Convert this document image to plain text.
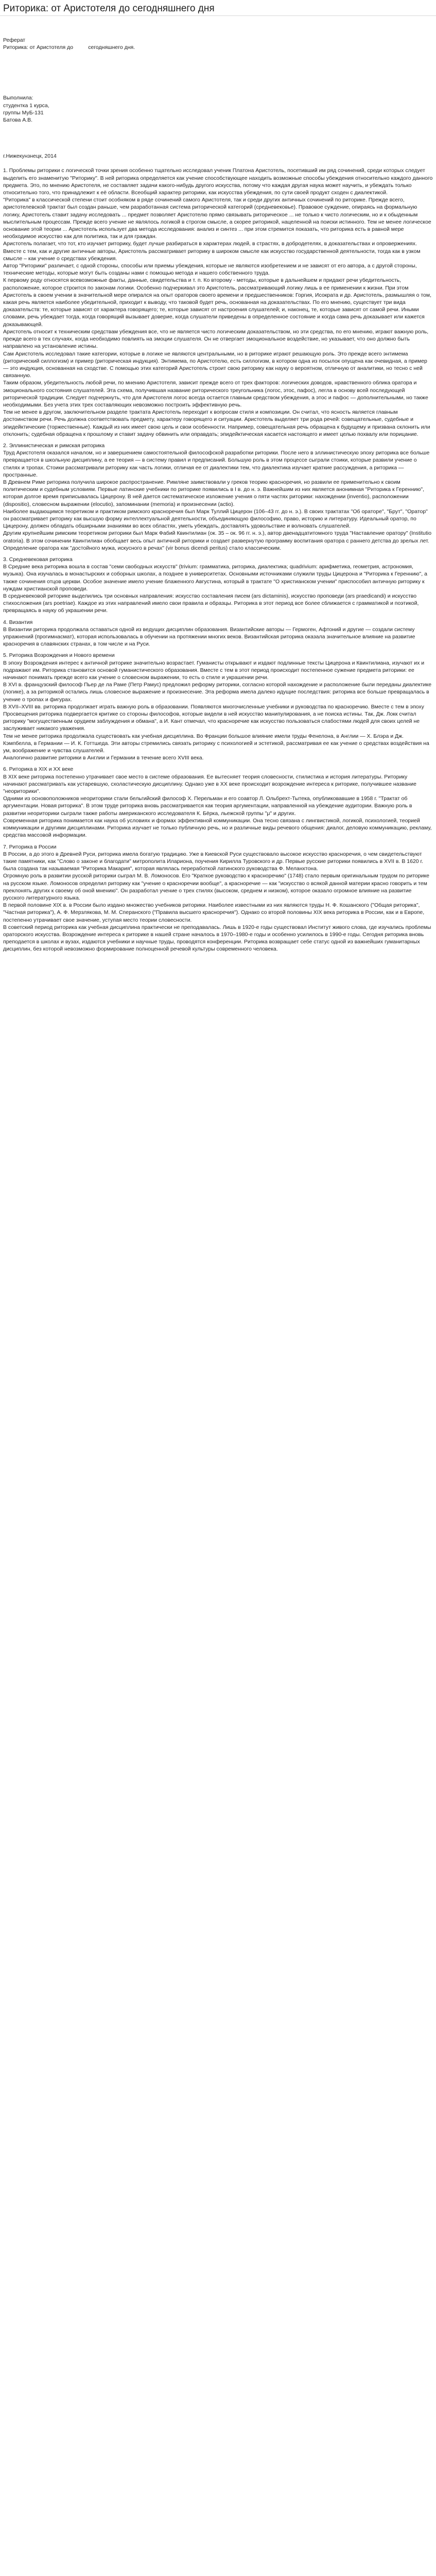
Риторика: от Аристотеля до сегодняшнего дня

Реферат

Риторика: от Аристотеля до          сегодняшнего дня.

Выполнила:

студентка 1 курса,

группы МуБ-131

Батова А.В.

г.Нижекунзнецк, 2014

1. Проблемы риторики с логической точки зрения особенно тщательно исследовал ученик Платона Аристотель, посетивший им ряд сочинений, среди которых следует выделить его знаменитую "Риторику". В ней риторика определяется как учение способствующее находить возможные способы убеждения относительно каждого данного предмета. Это, по мнению Аристотеля, не составляет задачи какого-нибудь другого искусства, потому что каждая другая наука может научить, и убеждать только относительно того, что принадлежит к её области. Всеобщий характер риторики, как искусства убеждения, по сути своей продукт сходен с диалектикой.

"Риторика" в классической степени стоит особняком в ряде сочинений самого Аристотеля, так и среди других античных сочинений по риторике. Прежде всего, аристотелевской трактат был создан раньше, чем разработанная система риторической категорий (средневековье). Правовое суждение, опираясь на формальную логику, Аристотель ставит задачу исследовать ... предмет позволяет Аристотелю прямо связывать риторическое ... не только к чисто логическим, но и к обыденным мыслительным процессам. Прежде всего учение не являлось логикой в строгом смысле, а скорее риторикой, нацеленной на поиски истинного. Тем не менее логическое основание этой теории ... Аристотель использует два метода исследования: анализ и синтез ... при этом стремится показать, что риторика есть в равной мере необходимое искусство как для политика, так и для граждан.

Аристотель полагает, что тот, кто изучает риторику, будет лучше разбираться в характерах людей, в страстях, в добродетелях, в доказательствах и опровержениях. Вместе с тем, как и другие античные авторы, Аристотель рассматривает риторику в широком смысле как искусство государственной деятельности, тогда как в узком смысле – как учение о средствах убеждения.

Автор "Риторики" различает, с одной стороны, способы или приемы убеждения, которые не являются изобретением и не зависят от его автора, а с другой стороны, технические методы, которые могут быть созданы нами с помощью метода и нашего собственного труда.

К первому роду относятся всевозможные факты, данные, свидетельства и т. п. Ко второму - методы, которые в дальнейшем и придают речи убедительность, расположение, которое строится по законам логики. Особенно подчеркивал это Аристотель, рассматривающий логику лишь в ее применении к жизни. При этом Аристотель в своем учении в значительной мере опирался на опыт ораторов своего времени и предшественников: Горгия, Исократа и др. Аристотель, размышляя о том, какая речь является наиболее убедительной, приходит к выводу, что таковой будет речь, основанная на доказательствах. По его мнению, существует три вида доказательств: те, которые зависят от характера говорящего; те, которые зависят от настроения слушателей; и, наконец, те, которые зависят от самой речи. Иными словами, речь убеждает тогда, когда говорящий вызывает доверие, когда слушатели приведены в определенное состояние и когда сама речь доказывает или кажется доказывающей.

Аристотель относит к техническим средствам убеждения все, что не является чисто логическим доказательством, но эти средства, по его мнению, играют важную роль, прежде всего в тех случаях, когда необходимо повлиять на эмоции слушателя. Он не отвергает эмоциональное воздействие, но указывает, что оно должно быть направлено на установление истины.

Сам Аристотель исследовал такие категории, которые в логике не являются центральными, но в риторике играют решающую роль. Это прежде всего энтимема (риторический силлогизм) и пример (риторическая индукция). Энтимема, по Аристотелю, есть силлогизм, в котором одна из посылок опущена как очевидная, а пример — это индукция, основанная на сходстве. С помощью этих категорий Аристотель строит свою риторику как науку о вероятном, отличную от аналитики, но тесно с ней связанную.

Таким образом, убедительность любой речи, по мнению Аристотеля, зависит прежде всего от трех факторов: логических доводов, нравственного облика оратора и эмоционального состояния слушателей. Эта схема, получившая название риторического треугольника (логос, этос, пафос), легла в основу всей последующей риторической традиции. Следует подчеркнуть, что для Аристотеля логос всегда остается главным средством убеждения, а этос и пафос — дополнительными, но также необходимыми. Без учета этих трех составляющих невозможно построить эффективную речь.

Тем не менее в другом, заключительном разделе трактата Аристотель переходит к вопросам стиля и композиции. Он считал, что ясность является главным достоинством речи. Речь должна соответствовать предмету, характеру говорящего и ситуации. Аристотель выделяет три рода речей: совещательные, судебные и эпидейктические (торжественные). Каждый из них имеет свою цель и свои особенности. Например, совещательная речь обращена к будущему и призвана склонить или отклонить; судебная обращена к прошлому и ставит задачу обвинить или оправдать; эпидейктическая касается настоящего и имеет целью похвалу или порицание.

2. Эллинистическая и римская риторика

Труд Аристотеля оказался началом, но и завершением самостоятельной философской разработки риторики. После него в эллинистическую эпоху риторика все больше превращается в школьную дисциплину, а ее теория — в систему правил и предписаний. Большую роль в этом процессе сыграли стоики, которые развили учение о стилях и тропах. Стоики рассматривали риторику как часть логики, отличая ее от диалектики тем, что диалектика изучает краткие рассуждения, а риторика — пространные.

В Древнем Риме риторика получила широкое распространение. Римляне заимствовали у греков теорию красноречия, но развили ее применительно к своим политическим и судебным условиям. Первые латинские учебники по риторике появились в I в. до н. э. Важнейшим из них является анонимная "Риторика к Гереннию", которая долгое время приписывалась Цицерону. В ней дается систематическое изложение учения о пяти частях риторики: нахождении (inventio), расположении (dispositio), словесном выражении (elocutio), запоминании (memoria) и произнесении (actio).

Наиболее выдающимся теоретиком и практиком римского красноречия был Марк Туллий Цицерон (106–43 гг. до н. э.). В своих трактатах "Об ораторе", "Брут", "Оратор" он рассматривает риторику как высшую форму интеллектуальной деятельности, объединяющую философию, право, историю и литературу. Идеальный оратор, по Цицерону, должен обладать обширными знаниями во всех областях, уметь убеждать, доставлять удовольствие и волновать слушателей.

Другим крупнейшим римским теоретиком риторики был Марк Фабий Квинтилиан (ок. 35 – ок. 96 гг. н. э.), автор двенадцатитомного труда "Наставление оратору" (Institutio oratoria). В этом сочинении Квинтилиан обобщает весь опыт античной риторики и создает развернутую программу воспитания оратора с раннего детства до зрелых лет. Определение оратора как "достойного мужа, искусного в речах" (vir bonus dicendi peritus) стало классическим.

3. Средневековая риторика

В Средние века риторика вошла в состав "семи свободных искусств" (trivium: грамматика, риторика, диалектика; quadrivium: арифметика, геометрия, астрономия, музыка). Она изучалась в монастырских и соборных школах, а позднее в университетах. Основными источниками служили труды Цицерона и "Риторика к Гереннию", а также сочинения отцов церкви. Особое значение имело учение блаженного Августина, который в трактате "О христианском учении" приспособил античную риторику к нуждам христианской проповеди.

В средневековой риторике выделились три основных направления: искусство составления писем (ars dictaminis), искусство проповеди (ars praedicandi) и искусство стихосложения (ars poetriae). Каждое из этих направлений имело свои правила и образцы. Риторика в этот период все более сближается с грамматикой и поэтикой, превращаясь в науку об украшении речи.

4. Византия

В Византии риторика продолжала оставаться одной из ведущих дисциплин образования. Византийские авторы — Гермоген, Афтоний и другие — создали систему упражнений (прогимнасмат), которая использовалась в обучении на протяжении многих веков. Византийская риторика оказала значительное влияние на развитие красноречия в славянских странах, в том числе и на Руси.

5. Риторика Возрождения и Нового времени

В эпоху Возрождения интерес к античной риторике значительно возрастает. Гуманисты открывают и издают подлинные тексты Цицерона и Квинтилиана, изучают их и подражают им. Риторика становится основой гуманистического образования. Вместе с тем в этот период происходит постепенное сужение предмета риторики: ее начинают понимать прежде всего как учение о словесном выражении, то есть о стиле и украшении речи.

В XVI в. французский философ Пьер де ла Раме (Петр Рамус) предложил реформу риторики, согласно которой нахождение и расположение были переданы диалектике (логике), а за риторикой остались лишь словесное выражение и произнесение. Эта реформа имела далеко идущие последствия: риторика все больше превращалась в учение о тропах и фигурах.

В XVII–XVIII вв. риторика продолжает играть важную роль в образовании. Появляются многочисленные учебники и руководства по красноречию. Вместе с тем в эпоху Просвещения риторика подвергается критике со стороны философов, которые видели в ней искусство манипулирования, а не поиска истины. Так, Дж. Локк считал риторику "могущественным орудием заблуждения и обмана", а И. Кант отмечал, что красноречие как искусство пользоваться слабостями людей для своих целей не заслуживает никакого уважения.

Тем не менее риторика продолжала существовать как учебная дисциплина. Во Франции большое влияние имели труды Фенелона, в Англии — Х. Блэра и Дж. Кэмпбелла, в Германии — И. К. Готтшеда. Эти авторы стремились связать риторику с психологией и эстетикой, рассматривая ее как учение о средствах воздействия на ум, воображение и чувства слушателей.

Аналогично развитие риторики в Англии и Германии в течение всего XVIII века.

6. Риторика в XIX и XX веке

В XIX веке риторика постепенно утрачивает свое место в системе образования. Ее вытесняет теория словесности, стилистика и история литературы. Риторику начинают рассматривать как устаревшую, схоластическую дисциплину. Однако уже в XX веке происходит возрождение интереса к риторике, получившее название "неориторики".

Одними из основоположников неориторики стали бельгийский философ Х. Перельман и его соавтор Л. Ольбрехт-Тытека, опубликовавшие в 1958 г. "Трактат об аргументации. Новая риторика". В этом труде риторика вновь рассматривается как теория аргументации, направленной на убеждение аудитории. Важную роль в развитии неориторики сыграли также работы американского исследователя К. Бёрка, льежской группы "μ" и других.

Современная риторика понимается как наука об условиях и формах эффективной коммуникации. Она тесно связана с лингвистикой, логикой, психологией, теорией коммуникации и другими дисциплинами. Риторика изучает не только публичную речь, но и различные виды речевого общения: диалог, деловую коммуникацию, рекламу, средства массовой информации.

7. Риторика в России

В России, а до этого в Древней Руси, риторика имела богатую традицию. Уже в Киевской Руси существовало высокое искусство красноречия, о чем свидетельствуют такие памятники, как "Слово о законе и благодати" митрополита Илариона, поучения Кирилла Туровского и др. Первые русские риторики появились в XVII в. В 1620 г. была создана так называемая "Риторика Макария", которая являлась переработкой латинского руководства Ф. Меланхтона.

Огромную роль в развитии русской риторики сыграл М. В. Ломоносов. Его "Краткое руководство к красноречию" (1748) стало первым оригинальным трудом по риторике на русском языке. Ломоносов определил риторику как "учение о красноречии вообще", а красноречие — как "искусство о всякой данной материи красно говорить и тем преклонять других к своему об оной мнению". Он разработал учение о трех стилях (высоком, среднем и низком), которое оказало огромное влияние на развитие русского литературного языка.

В первой половине XIX в. в России было издано множество учебников риторики. Наиболее известными из них являются труды Н. Ф. Кошанского ("Общая риторика", "Частная риторика"), А. Ф. Мерзлякова, М. М. Сперанского ("Правила высшего красноречия"). Однако со второй половины XIX века риторика в России, как и в Европе, постепенно утрачивает свое значение, уступая место теории словесности.

В советский период риторика как учебная дисциплина практически не преподавалась. Лишь в 1920-е годы существовал Институт живого слова, где изучались проблемы ораторского искусства. Возрождение интереса к риторике в нашей стране началось в 1970–1980-е годы и особенно усилилось в 1990-е годы. Сегодня риторика вновь преподается в школах и вузах, издаются учебники и научные труды, проводятся конференции. Риторика возвращает себе статус одной из важнейших гуманитарных дисциплин, без которой невозможно формирование полноценной речевой культуры современного человека.
